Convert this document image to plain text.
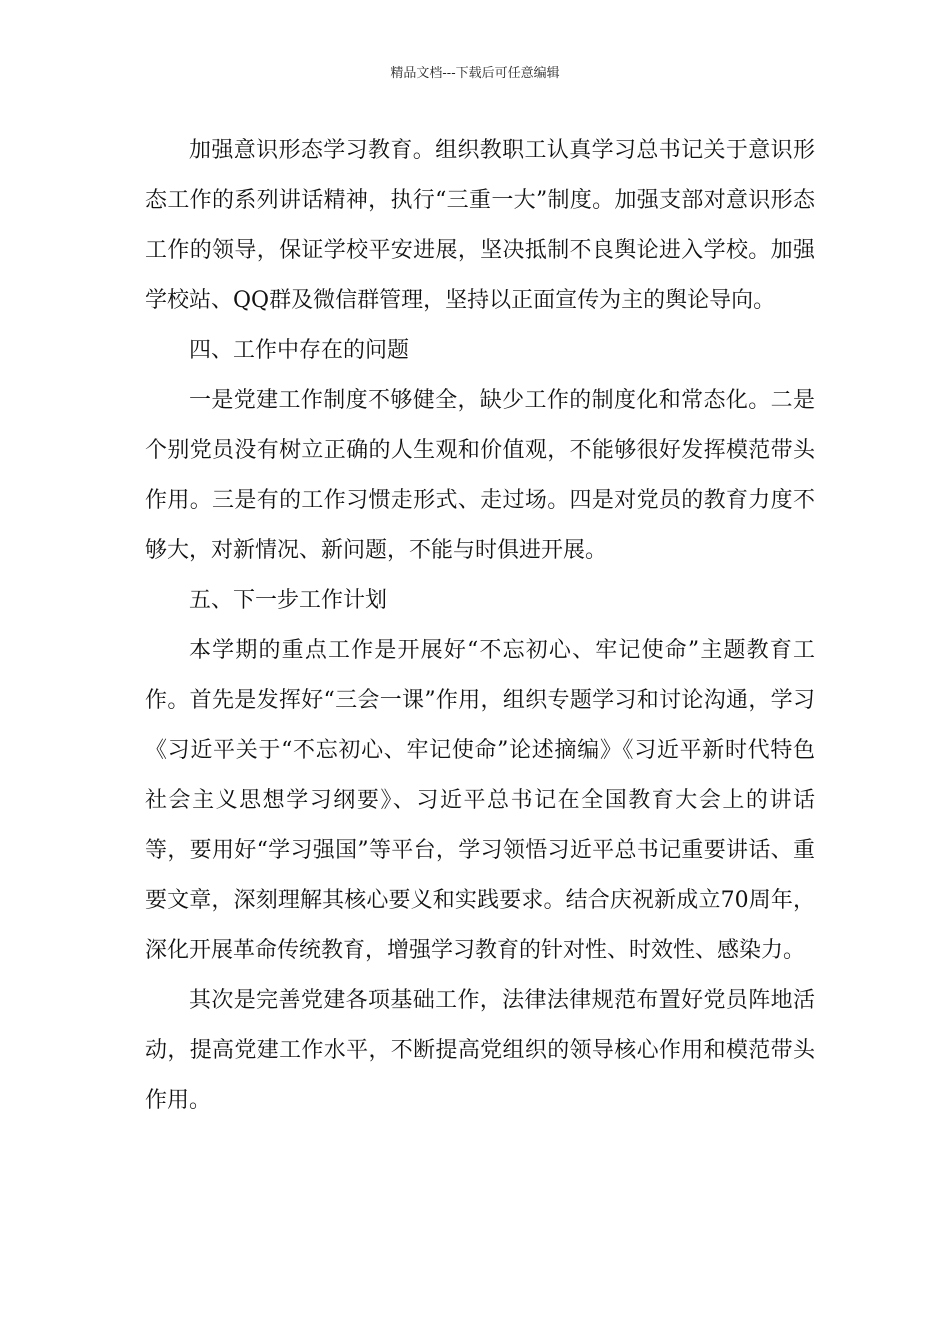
精品文档---下载后可任意编辑

加强意识形态学习教育。组织教职工认真学习总书记关于意识形态工作的系列讲话精神，执行“三重一大”制度。加强支部对意识形态工作的领导，保证学校平安进展，坚决抵制不良舆论进入学校。加强学校站、QQ群及微信群管理，坚持以正面宣传为主的舆论导向。

四、工作中存在的问题

一是党建工作制度不够健全，缺少工作的制度化和常态化。二是个别党员没有树立正确的人生观和价值观，不能够很好发挥模范带头作用。三是有的工作习惯走形式、走过场。四是对党员的教育力度不够大，对新情况、新问题，不能与时俱进开展。

五、下一步工作计划

本学期的重点工作是开展好“不忘初心、牢记使命”主题教育工作。首先是发挥好“三会一课”作用，组织专题学习和讨论沟通，学习《习近平关于“不忘初心、牢记使命”论述摘编》《习近平新时代特色社会主义思想学习纲要》、习近平总书记在全国教育大会上的讲话等，要用好“学习强国”等平台，学习领悟习近平总书记重要讲话、重要文章，深刻理解其核心要义和实践要求。结合庆祝新成立70周年，深化开展革命传统教育，增强学习教育的针对性、时效性、感染力。

其次是完善党建各项基础工作，法律法律规范布置好党员阵地活动，提高党建工作水平，不断提高党组织的领导核心作用和模范带头作用。
